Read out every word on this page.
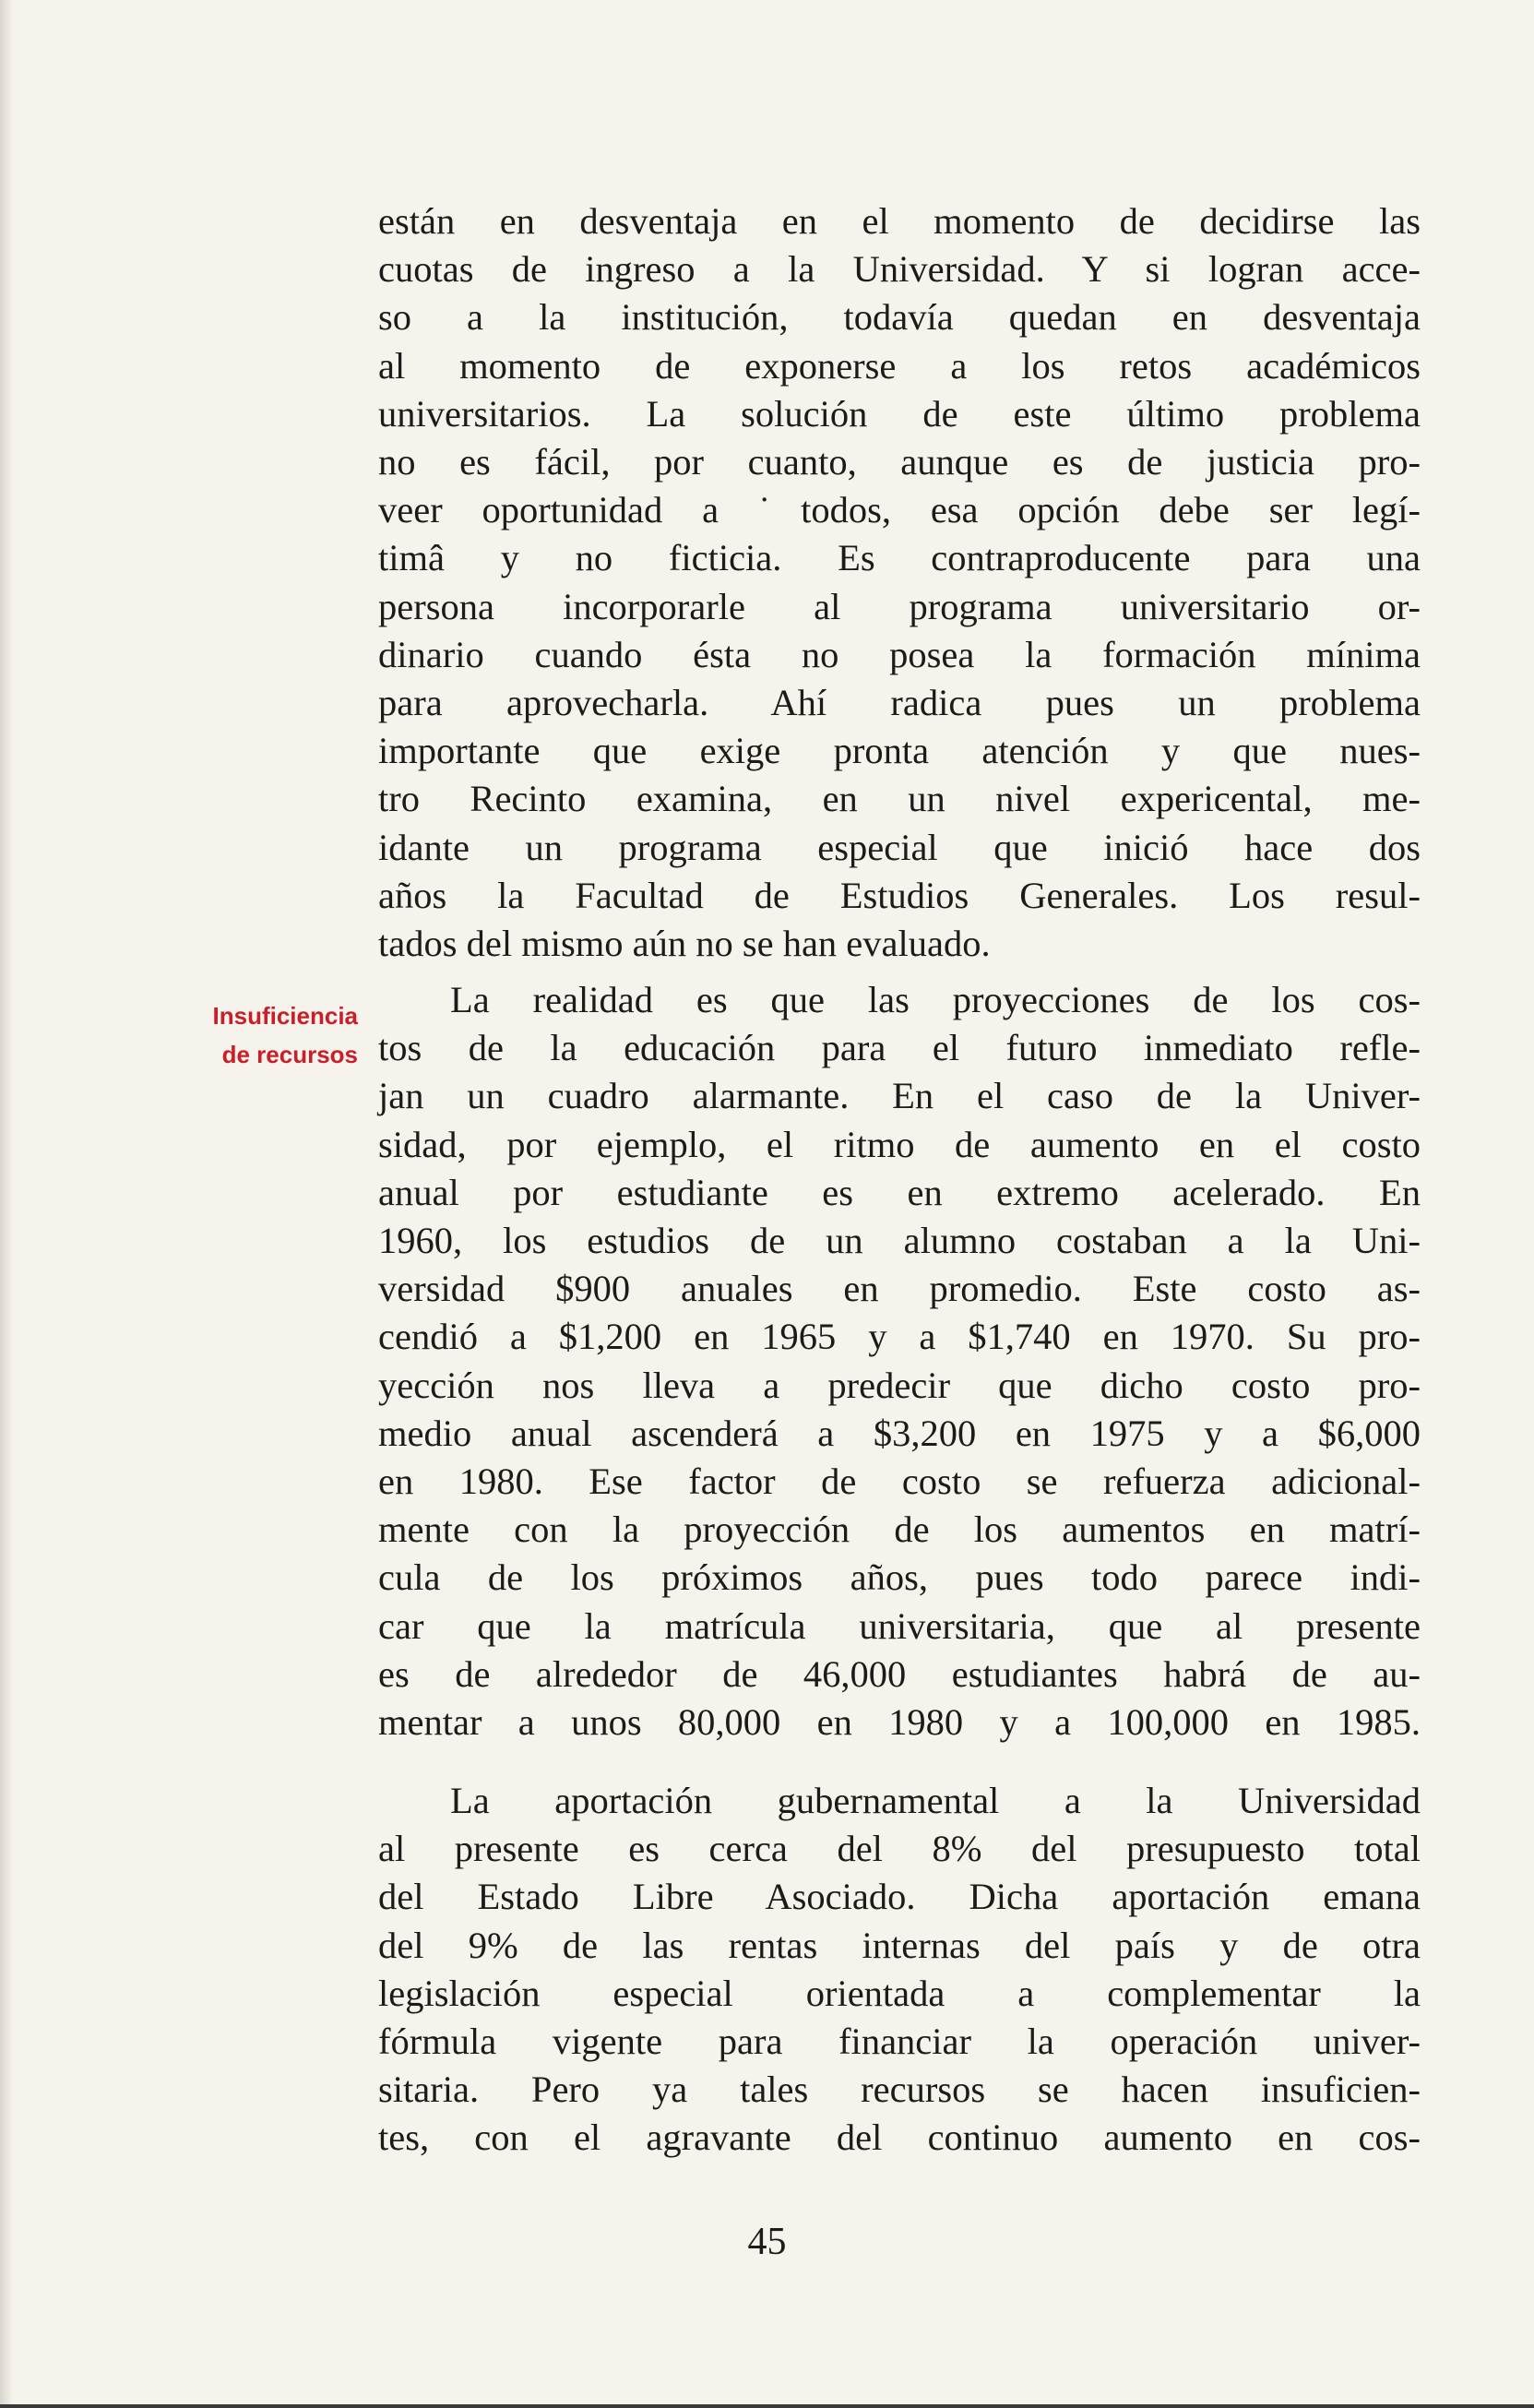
están en desventaja en el momento de decidirse las
cuotas de ingreso a la Universidad. Y si logran acce-
so a la institución, todavía quedan en desventaja
al momento de exponerse a los retos académicos
universitarios. La solución de este último problema
no es fácil, por cuanto, aunque es de justicia pro-
veer oportunidad a ˙todos, esa opción debe ser legí-
timâ y no ficticia. Es contraproducente para una
persona incorporarle al programa universitario or-
dinario cuando ésta no posea la formación mínima
para aprovecharla. Ahí radica pues un problema
importante que exige pronta atención y que nues-
tro Recinto examina, en un nivel expericental, me-
idante un programa especial que inició hace dos
años la Facultad de Estudios Generales. Los resul-
tados del mismo aún no se han evaluado.
Insuficiencia
de recursos
La realidad es que las proyecciones de los cos-
tos de la educación para el futuro inmediato refle-
jan un cuadro alarmante. En el caso de la Univer-
sidad, por ejemplo, el ritmo de aumento en el costo
anual por estudiante es en extremo acelerado. En
1960, los estudios de un alumno costaban a la Uni-
versidad $900 anuales en promedio. Este costo as-
cendió a $1,200 en 1965 y a $1,740 en 1970. Su pro-
yección nos lleva a predecir que dicho costo pro-
medio anual ascenderá a $3,200 en 1975 y a $6,000
en 1980. Ese factor de costo se refuerza adicional-
mente con la proyección de los aumentos en matrí-
cula de los próximos años, pues todo parece indi-
car que la matrícula universitaria, que al presente
es de alrededor de 46,000 estudiantes habrá de au-
mentar a unos 80,000 en 1980 y a 100,000 en 1985.
La aportación gubernamental a la Universidad
al presente es cerca del 8% del presupuesto total
del Estado Libre Asociado. Dicha aportación emana
del 9% de las rentas internas del país y de otra
legislación especial orientada a complementar la
fórmula vigente para financiar la operación univer-
sitaria. Pero ya tales recursos se hacen insuficien-
tes, con el agravante del continuo aumento en cos-
45
